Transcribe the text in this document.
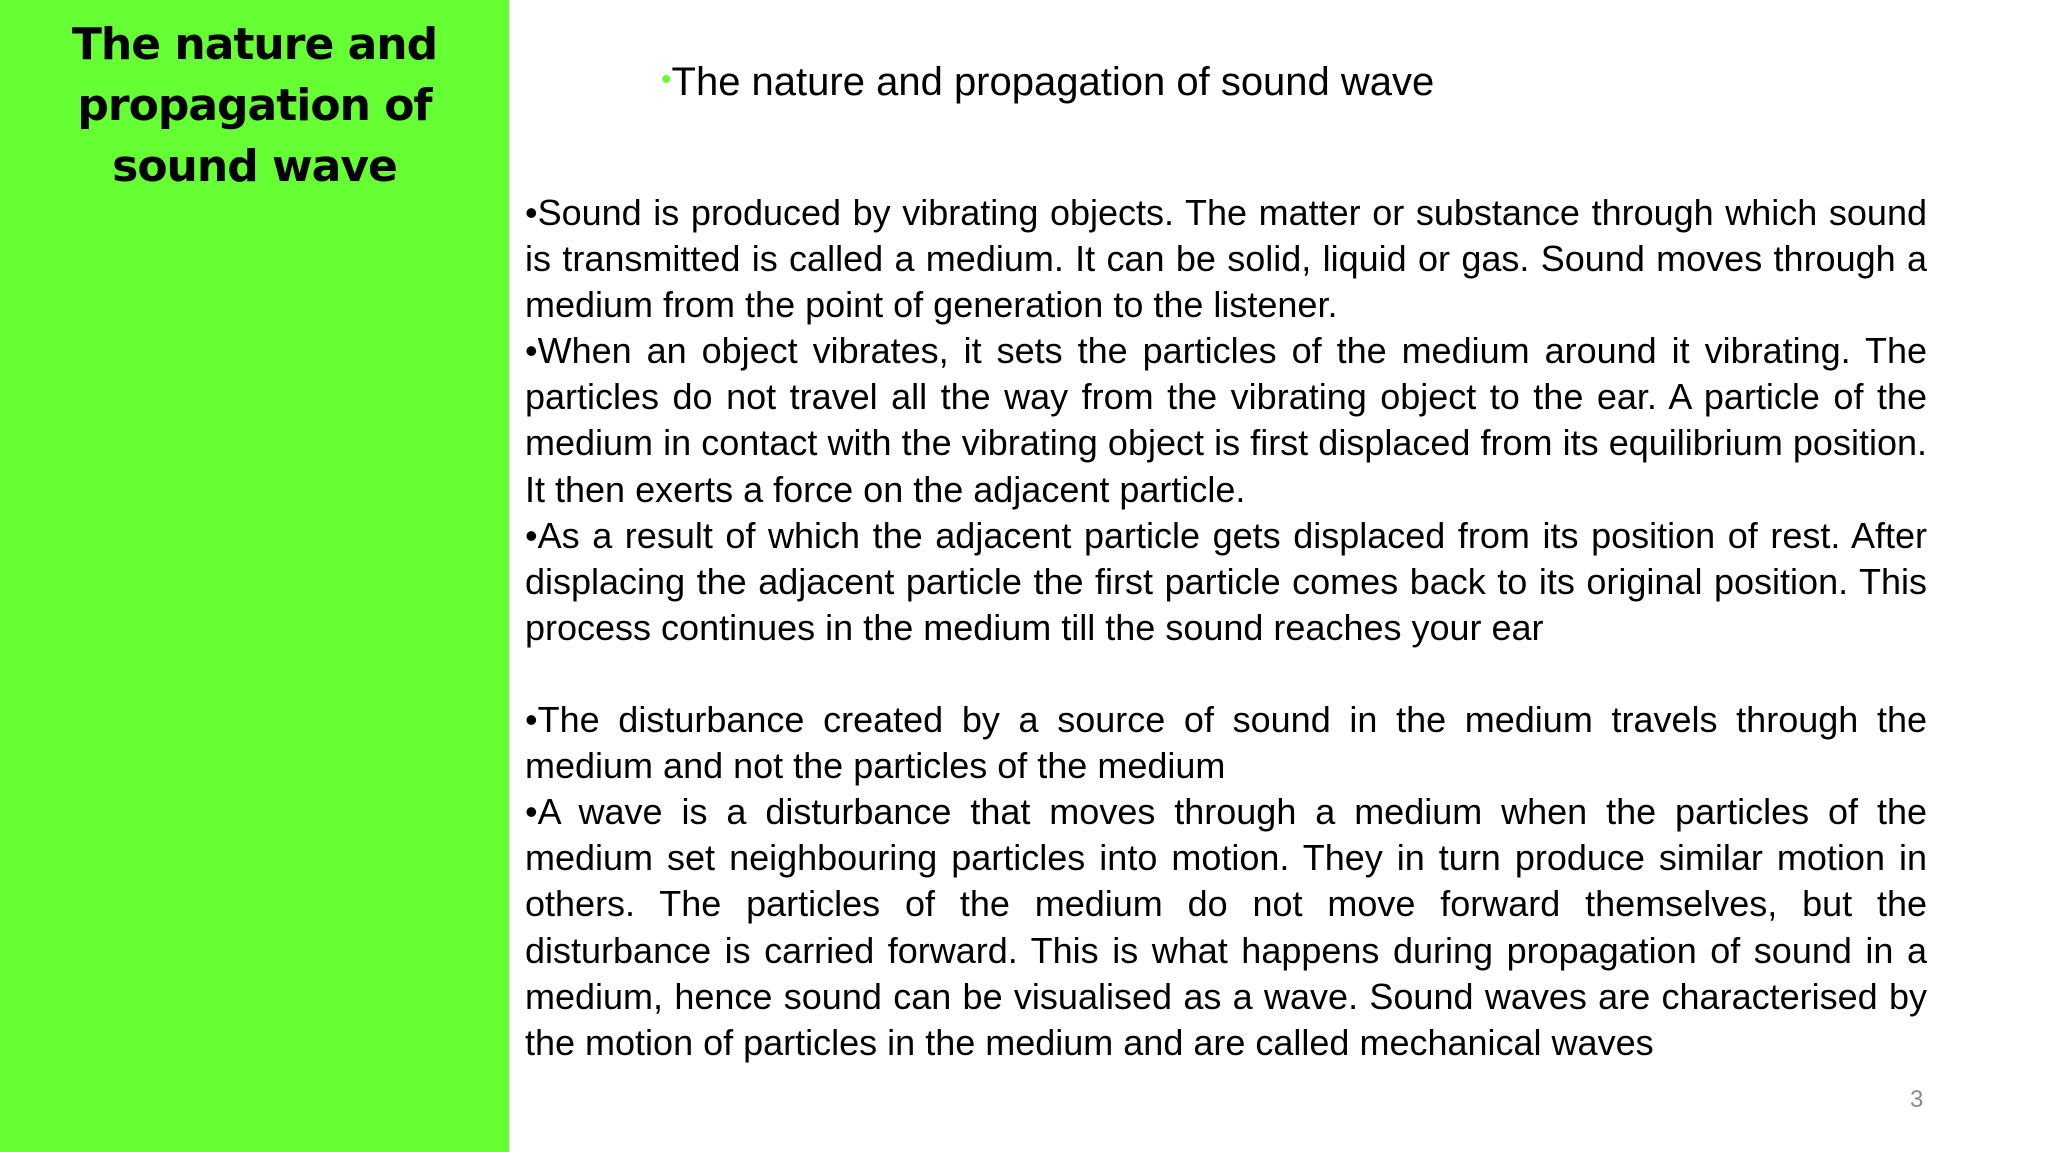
The nature and propagation of sound wave
•The nature and propagation of sound wave

•Sound is produced by vibrating objects. The matter or substance through which sound is transmitted is called a medium. It can be solid, liquid or gas. Sound moves through a medium from the point of generation to the listener.

•When an object vibrates, it sets the particles of the medium around it vibrating. The particles do not travel all the way from the vibrating object to the ear. A particle of the medium in contact with the vibrating object is first displaced from its equilibrium position. It then exerts a force on the adjacent particle.

•As a result of which the adjacent particle gets displaced from its position of rest. After displacing the adjacent particle the first particle comes back to its original position. This process continues in the medium till the sound reaches your ear

•The disturbance created by a source of sound in the medium travels through the medium and not the particles of the medium

•A wave is a disturbance that moves through a medium when the particles of the medium set neighbouring particles into motion. They in turn produce similar motion in others. The particles of the medium do not move forward themselves, but the disturbance is carried forward. This is what happens during propagation of sound in a medium, hence sound can be visualised as a wave. Sound waves are characterised by the motion of particles in the medium and are called mechanical waves

3
